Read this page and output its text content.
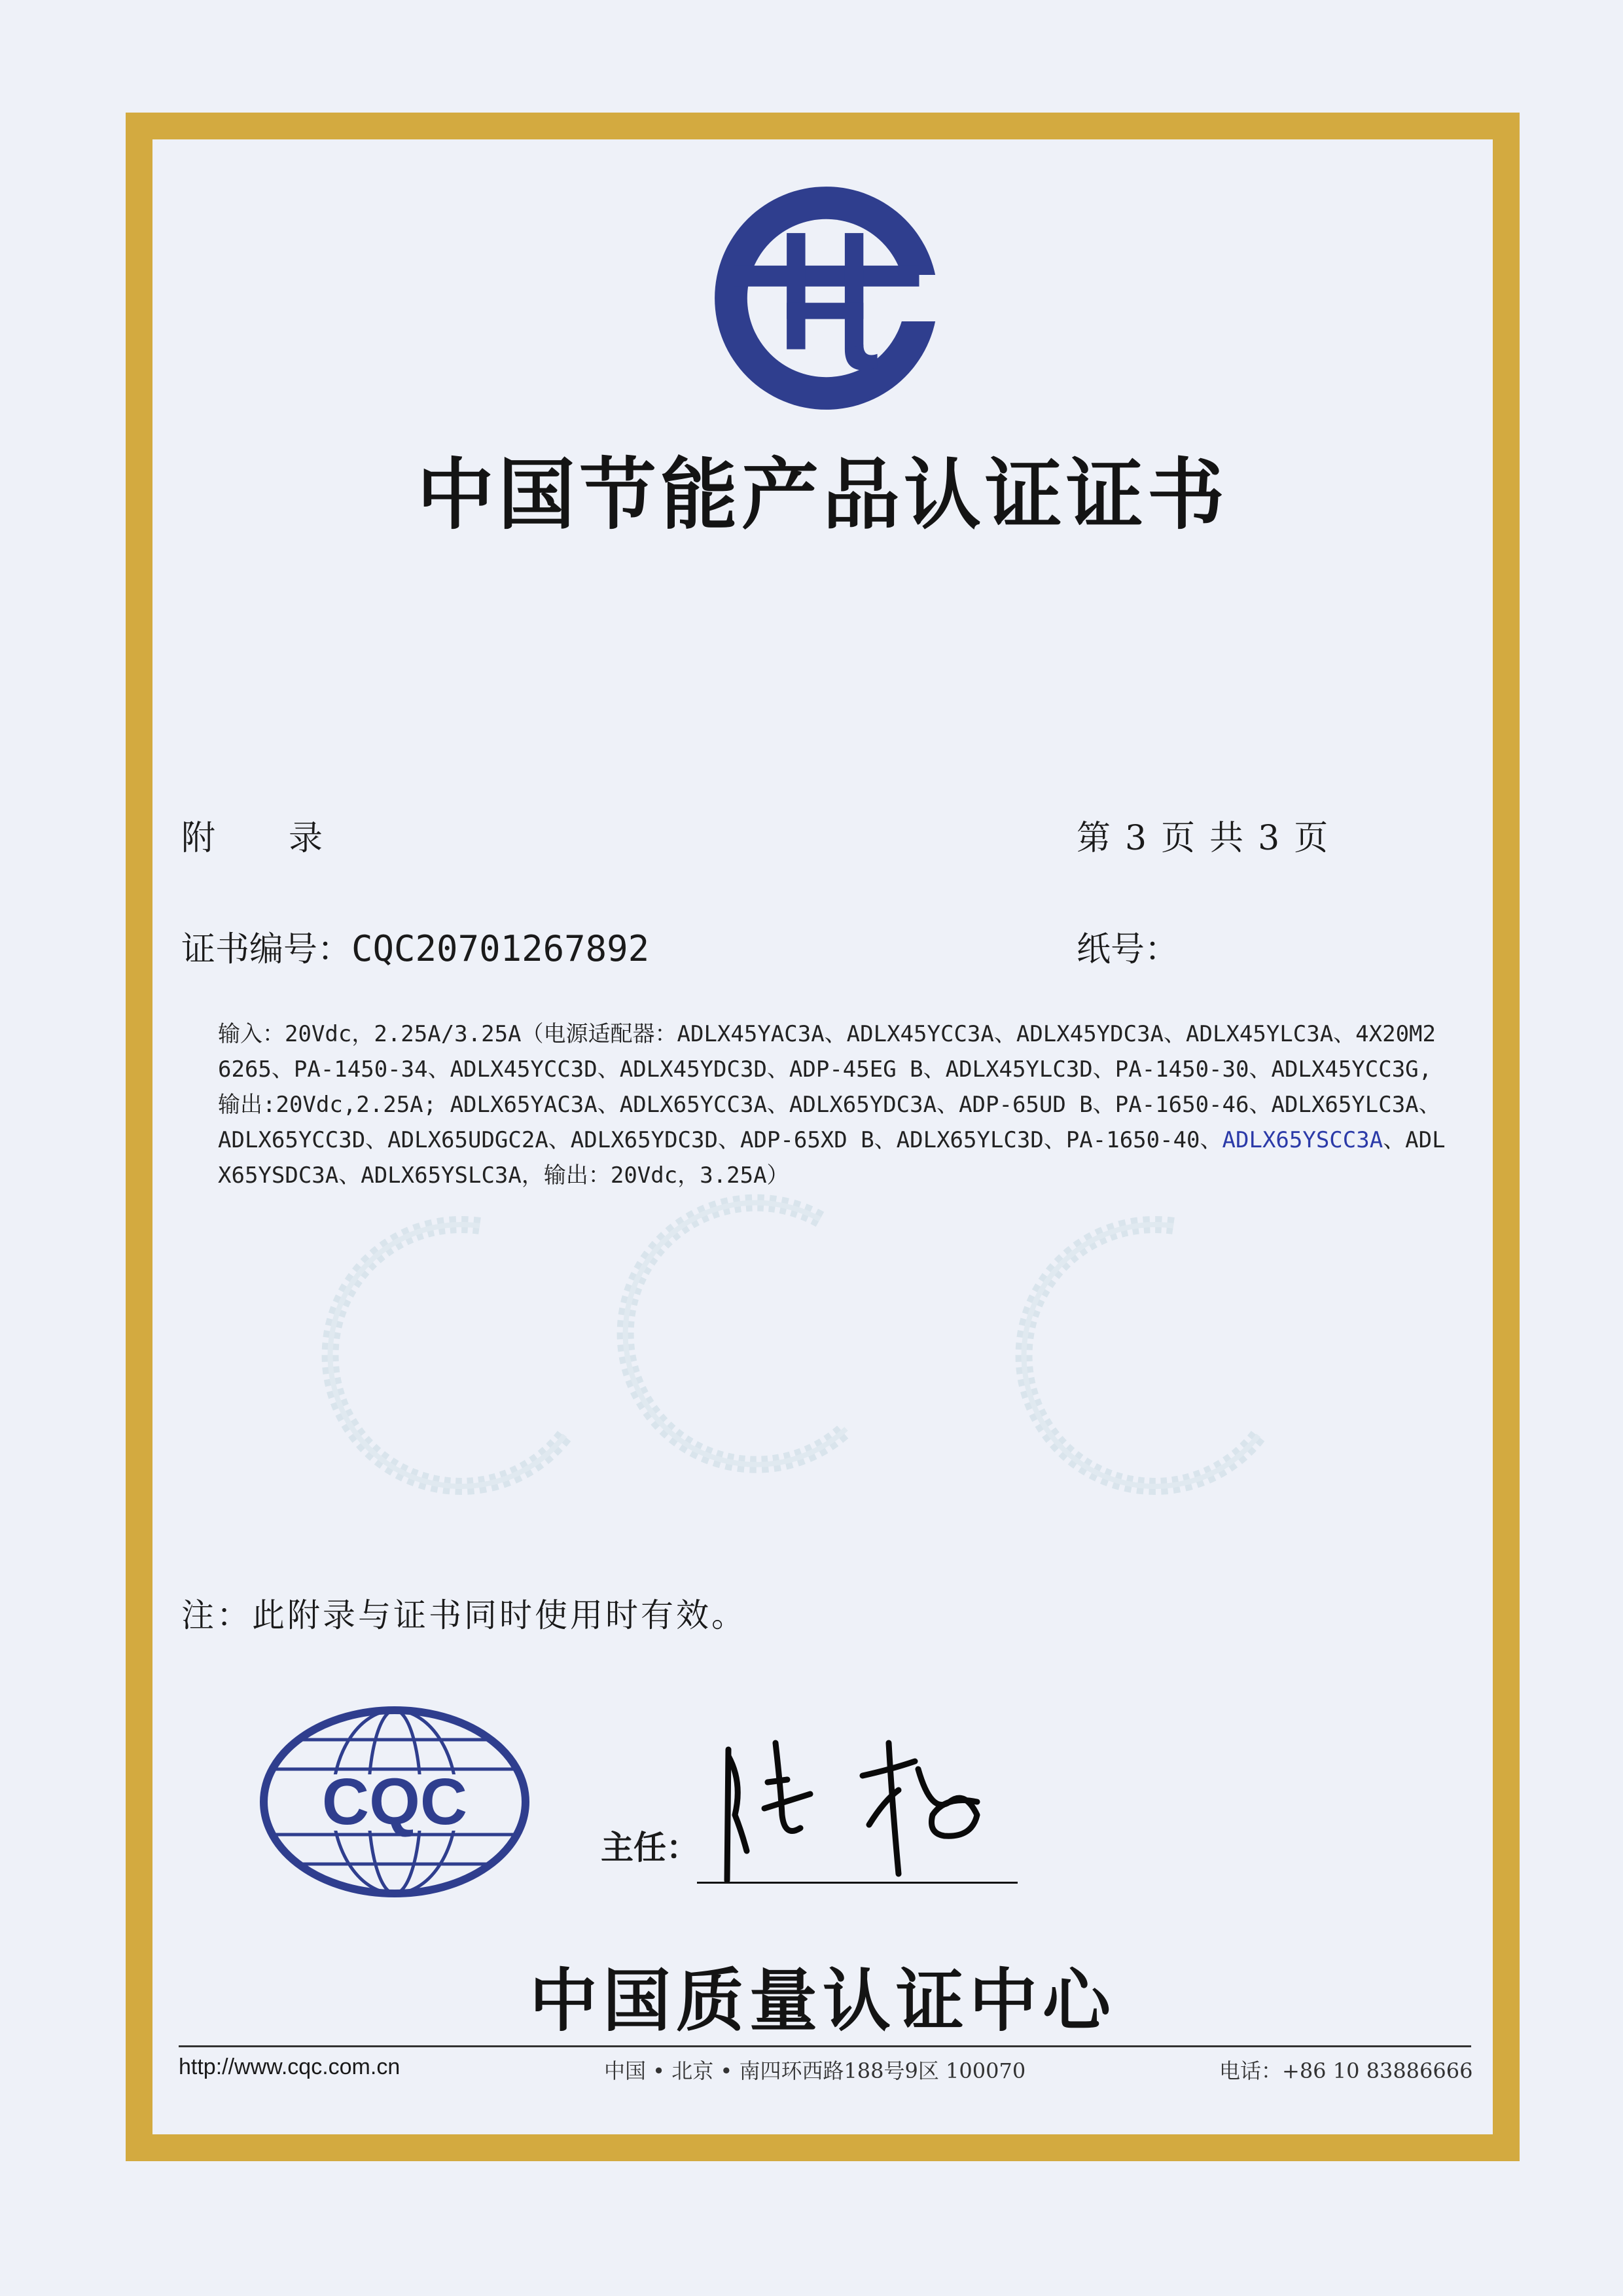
中国节能产品认证证书
附 录	第 3 页 共 3 页
证书编号：CQC20701267892	纸号：
输入：20Vdc，2.25A/3.25A（电源适配器：ADLX45YAC3A、ADLX45YCC3A、ADLX45YDC3A、ADLX45YLC3A、4X20M26265、PA-1450-34、ADLX45YCC3D、ADLX45YDC3D、ADP-45EG B、ADLX45YLC3D、PA-1450-30、ADLX45YCC3G,输出:20Vdc,2.25A; ADLX65YAC3A、ADLX65YCC3A、ADLX65YDC3A、ADP-65UD B、PA-1650-46、ADLX65YLC3A、ADLX65YCC3D、ADLX65UDGC2A、ADLX65YDC3D、ADP-65XD B、ADLX65YLC3D、PA-1650-40、ADLX65YSCC3A、ADLX65YSDC3A、ADLX65YSLC3A，输出：20Vdc，3.25A）
注：此附录与证书同时使用时有效。
CQC
主任：
中国质量认证中心
http://www.cqc.com.cn	中国 • 北京 • 南四环西路188号9区 100070	电话：+86 10 83886666
